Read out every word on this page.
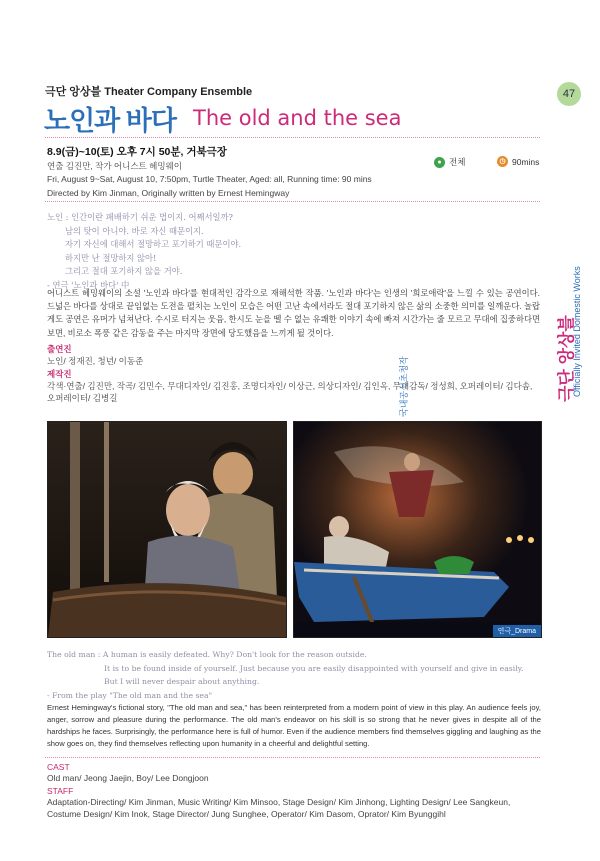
극단 앙상블 Theater Company Ensemble
노인과 바다 The old and the sea
8.9(금)~10(토) 오후 7시 50분, 거북극장
연출 김진만, 작가 어니스트 헤밍웨이
Fri, August 9~Sat, August 10, 7:50pm, Turtle Theater, Aged: all, Running time: 90 mins
Directed by Kim Jinman, Originally written by Ernest Hemingway
● 전체	◷ 90mins
노인 : 인간이란 패배하기 쉬운 법이지. 어째서일까?
남의 탓이 아니야. 바로 자신 때문이지.
자기 자신에 대해서 절망하고 포기하기 때문이야.
하지만 난 절망하지 않아!
그리고 절대 포기하지 않을 거야.
- 연극 '노인과 바다' 中
어니스트 헤밍웨이의 소설 '노인과 바다'를 현대적인 감각으로 재해석한 작품. '노인과 바다'는 인생의 '희로애락'을 느낄 수 있는 공연이다. 드넓은 바다를 상대로 끝임없는 도전을 펼치는 노인이 모습은 어떤 고난 속에서라도 절대 포기하지 않은 삶의 소중한 의미를 일깨운다. 놀랍게도 공연은 유머가 넘쳐난다. 수시로 터지는 웃음, 한시도 눈을 뗄 수 없는 유쾌한 이야기 속에 빠져 시간가는 줄 모르고 무대에 집중하다면 보면, 비로소 폭풍 같은 감동을 주는 마지막 장면에 당도했음을 느끼게 될 것이다.
출연진
노인/ 정재진, 청년/ 이동준
제작진
각색·연출/ 김진만, 작곡/ 김민수, 무대디자인/ 김진홍, 조명디자인/ 이상근, 의상디자인/ 김인옥, 무대감독/ 정성희, 오퍼레이터/ 김다솜, 오퍼레이터/ 김병길
연극_Drama
The old man : A human is easily defeated. Why? Don't look for the reason outside.
It is to be found inside of yourself. Just because you are easily disappointed with yourself and give in easily.
But I will never despair about anything.
- From the play "The old man and the sea"
Ernest Hemingway's fictional story, "The old man and sea," has been reinterpreted from a modern point of view in this play. An audience feels joy, anger, sorrow and pleasure during the performance. The old man's endeavor on his skill is so strong that he never gives in despite all of the hardships he faces. Surprisingly, the performance here is full of humor. Even if the audience members find themselves giggling and laughing as the show goes on, they find themselves reflecting upon humanity in a cheerful and delightful setting.
CAST
Old man/ Jeong Jaejin, Boy/ Lee Dongjoon
STAFF
Adaptation-Directing/ Kim Jinman, Music Writing/ Kim Minsoo, Stage Design/ Kim Jinhong, Lighting Design/ Lee Sangkeun, Costume Design/ Kim Inok, Stage Director/ Jung Sunghee, Operator/ Kim Dasom, Oprator/ Kim Byunggihl
47
Officially Invited Domestic Works
국내공식초청작	극단 앙상블
